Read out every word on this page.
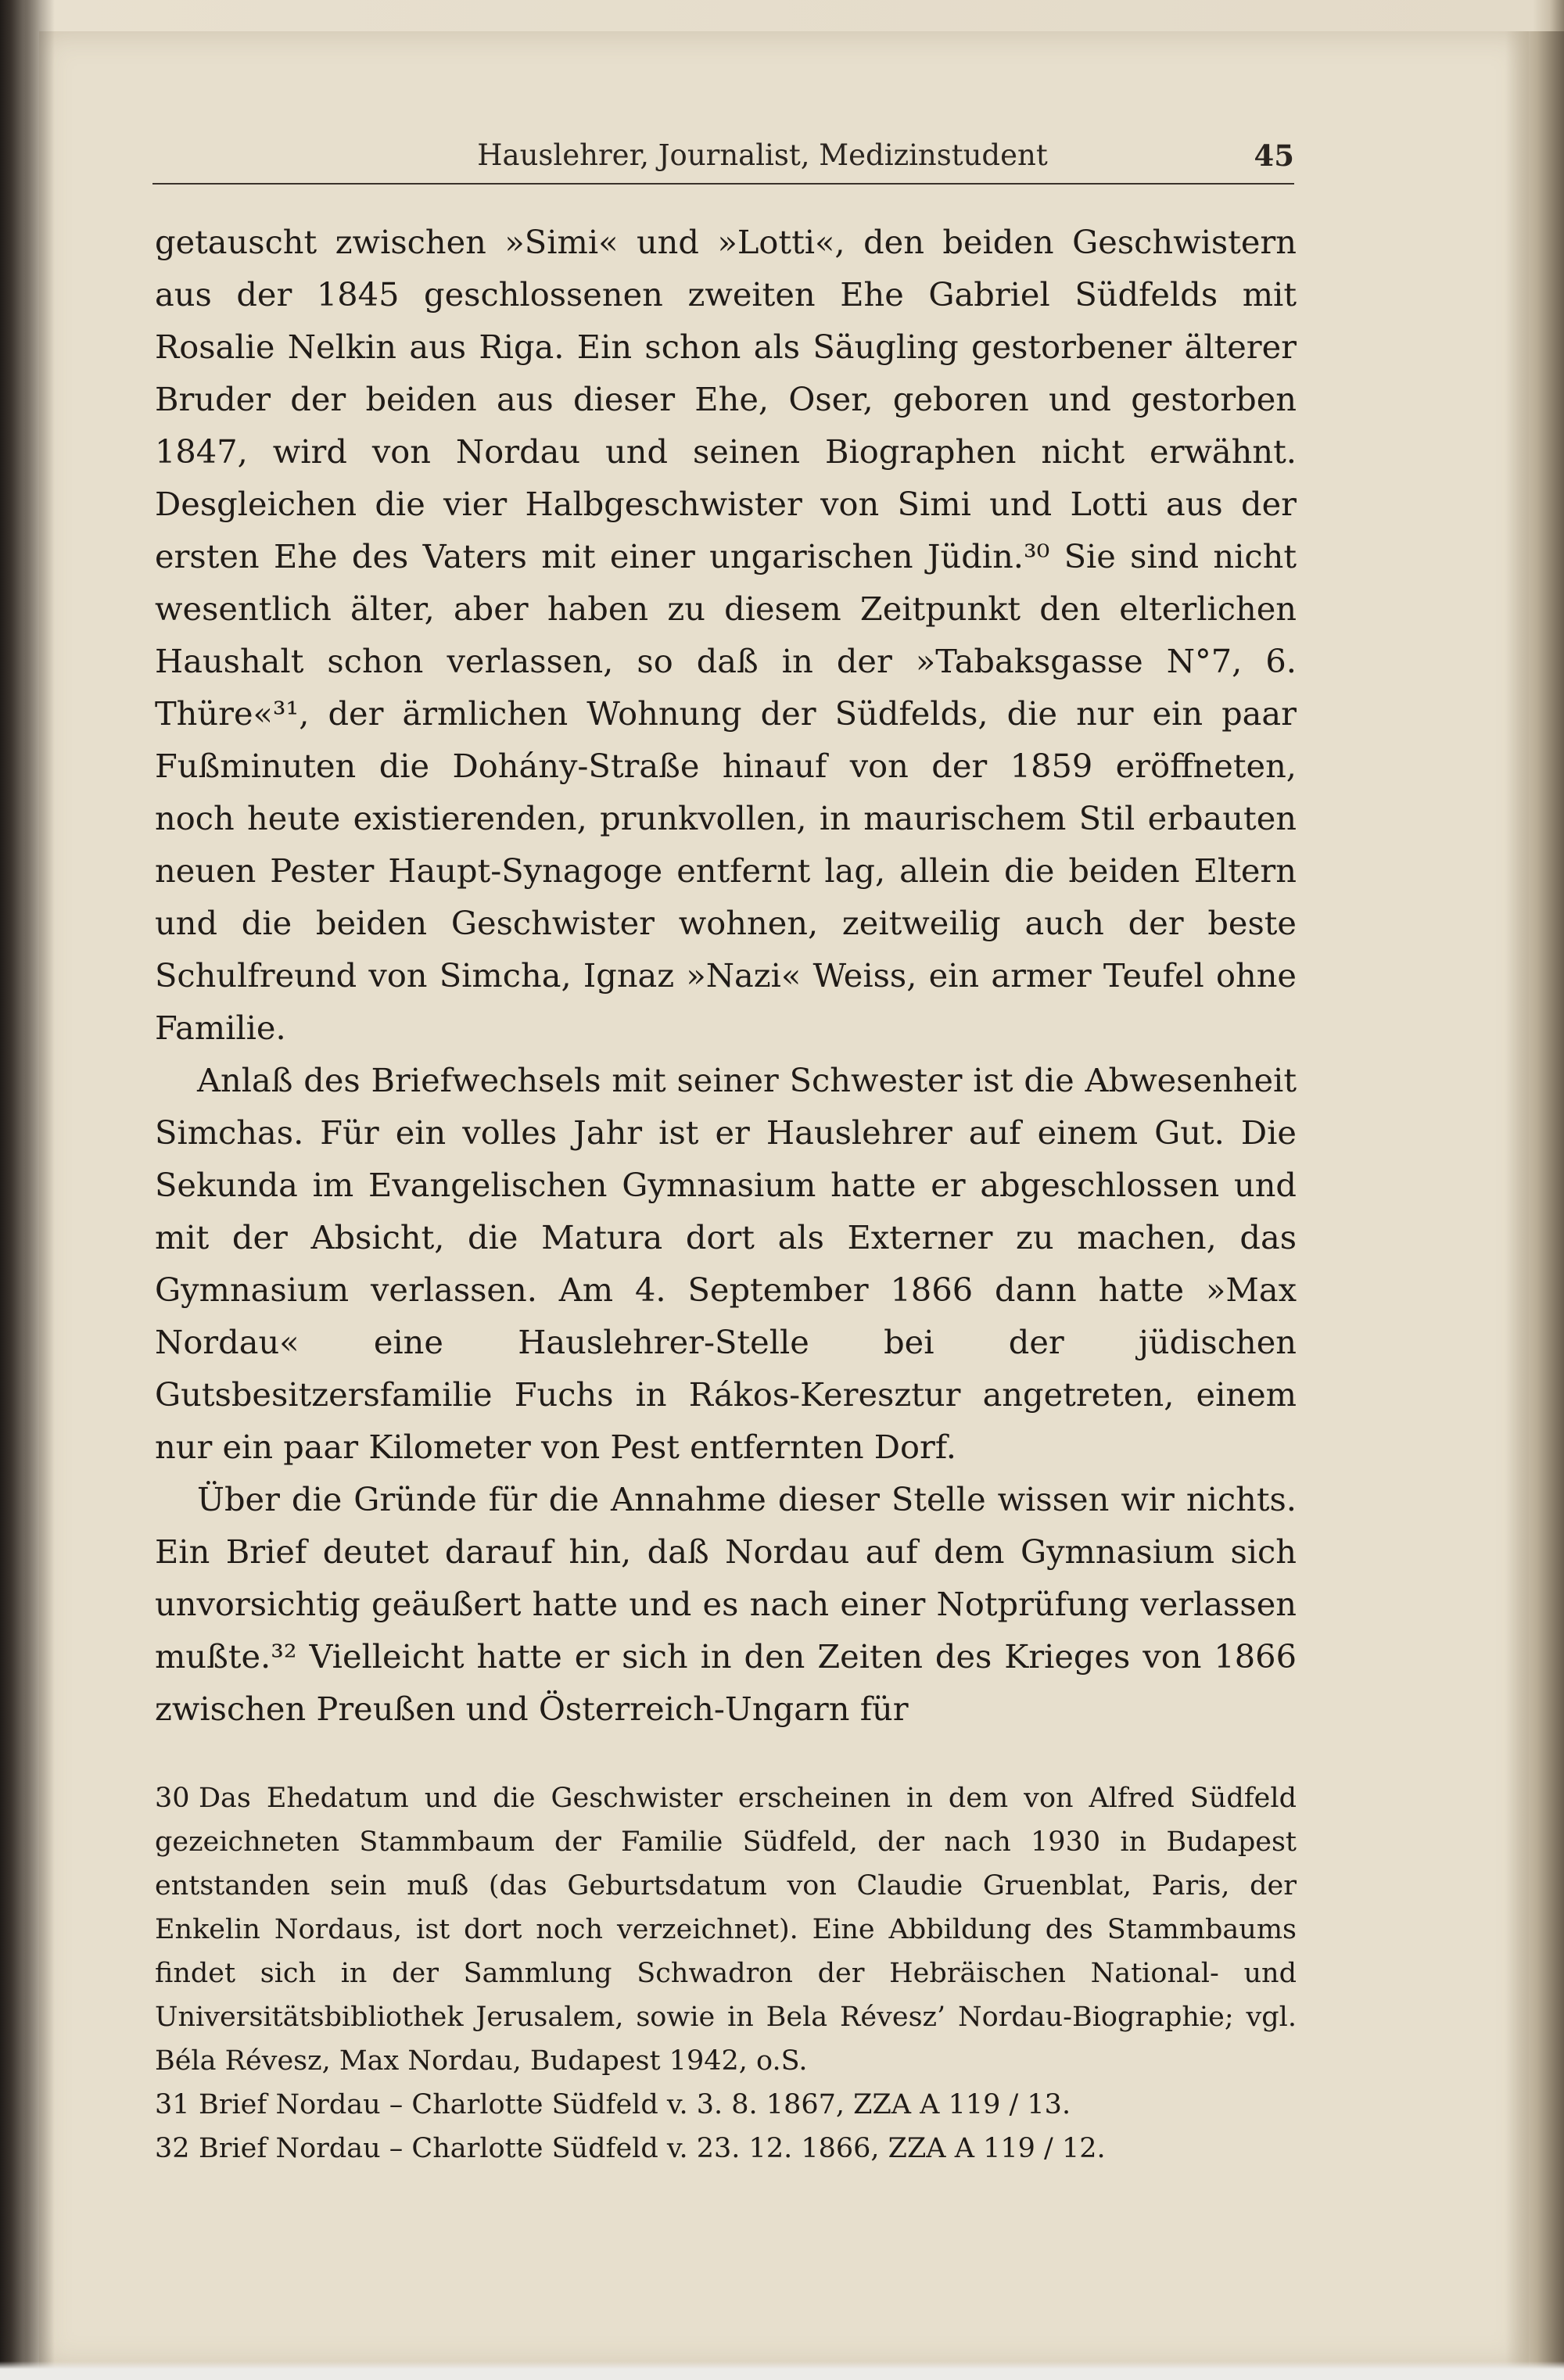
Hauslehrer, Journalist, Medizinstudent	45

getauscht zwischen »Simi« und »Lotti«, den beiden Geschwistern aus der 1845 geschlossenen zweiten Ehe Gabriel Südfelds mit Rosalie Nelkin aus Riga. Ein schon als Säugling gestorbener älterer Bruder der beiden aus dieser Ehe, Oser, geboren und gestorben 1847, wird von Nordau und seinen Biographen nicht erwähnt. Desgleichen die vier Halbgeschwister von Simi und Lotti aus der ersten Ehe des Vaters mit einer ungarischen Jüdin.³⁰ Sie sind nicht wesentlich älter, aber haben zu diesem Zeitpunkt den elterlichen Haushalt schon verlassen, so daß in der »Tabaksgasse N°7, 6. Thüre«³¹, der ärmlichen Wohnung der Südfelds, die nur ein paar Fußminuten die Dohány-Straße hinauf von der 1859 eröffneten, noch heute existierenden, prunkvollen, in maurischem Stil erbauten neuen Pester Haupt-Synagoge entfernt lag, allein die beiden Eltern und die beiden Geschwister wohnen, zeitweilig auch der beste Schulfreund von Simcha, Ignaz »Nazi« Weiss, ein armer Teufel ohne Familie.

Anlaß des Briefwechsels mit seiner Schwester ist die Abwesenheit Simchas. Für ein volles Jahr ist er Hauslehrer auf einem Gut. Die Sekunda im Evangelischen Gymnasium hatte er abgeschlossen und mit der Absicht, die Matura dort als Externer zu machen, das Gymnasium verlassen. Am 4. September 1866 dann hatte »Max Nordau« eine Hauslehrer-Stelle bei der jüdischen Gutsbesitzersfamilie Fuchs in Rákos-Keresztur angetreten, einem nur ein paar Kilometer von Pest entfernten Dorf.

Über die Gründe für die Annahme dieser Stelle wissen wir nichts. Ein Brief deutet darauf hin, daß Nordau auf dem Gymnasium sich unvorsichtig geäußert hatte und es nach einer Notprüfung verlassen mußte.³² Vielleicht hatte er sich in den Zeiten des Krieges von 1866 zwischen Preußen und Österreich-Ungarn für

30 Das Ehedatum und die Geschwister erscheinen in dem von Alfred Südfeld gezeichneten Stammbaum der Familie Südfeld, der nach 1930 in Budapest entstanden sein muß (das Geburtsdatum von Claudie Gruenblat, Paris, der Enkelin Nordaus, ist dort noch verzeichnet). Eine Abbildung des Stammbaums findet sich in der Sammlung Schwadron der Hebräischen National- und Universitätsbibliothek Jerusalem, sowie in Bela Révesz’ Nordau-Biographie; vgl. Béla Révesz, Max Nordau, Budapest 1942, o.S.

31 Brief Nordau – Charlotte Südfeld v. 3. 8. 1867, ZZA A 119 / 13.

32 Brief Nordau – Charlotte Südfeld v. 23. 12. 1866, ZZA A 119 / 12.
